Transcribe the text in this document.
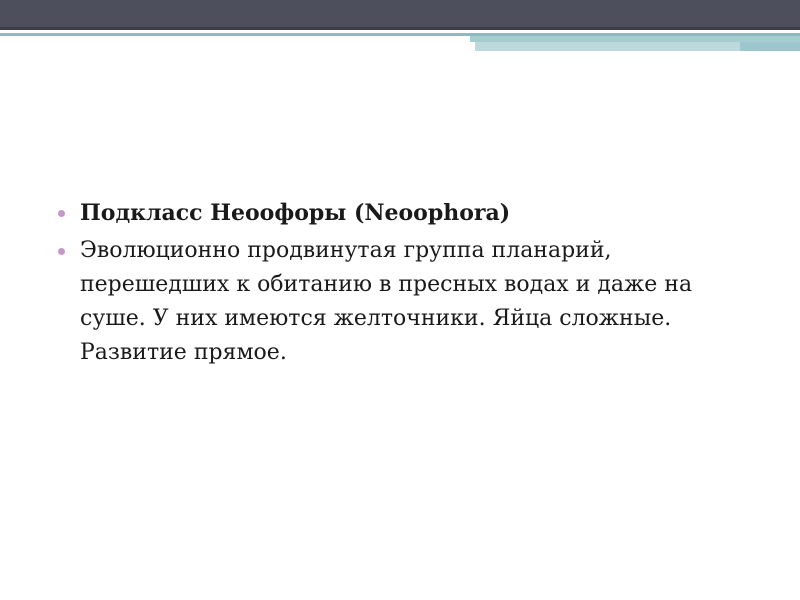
Подкласс Неоофоры (Neoophora)
Эволюционно продвинутая группа планарий, перешедших к обитанию в пресных водах и даже на суше. У них имеются желточники. Яйца сложные. Развитие прямое.
